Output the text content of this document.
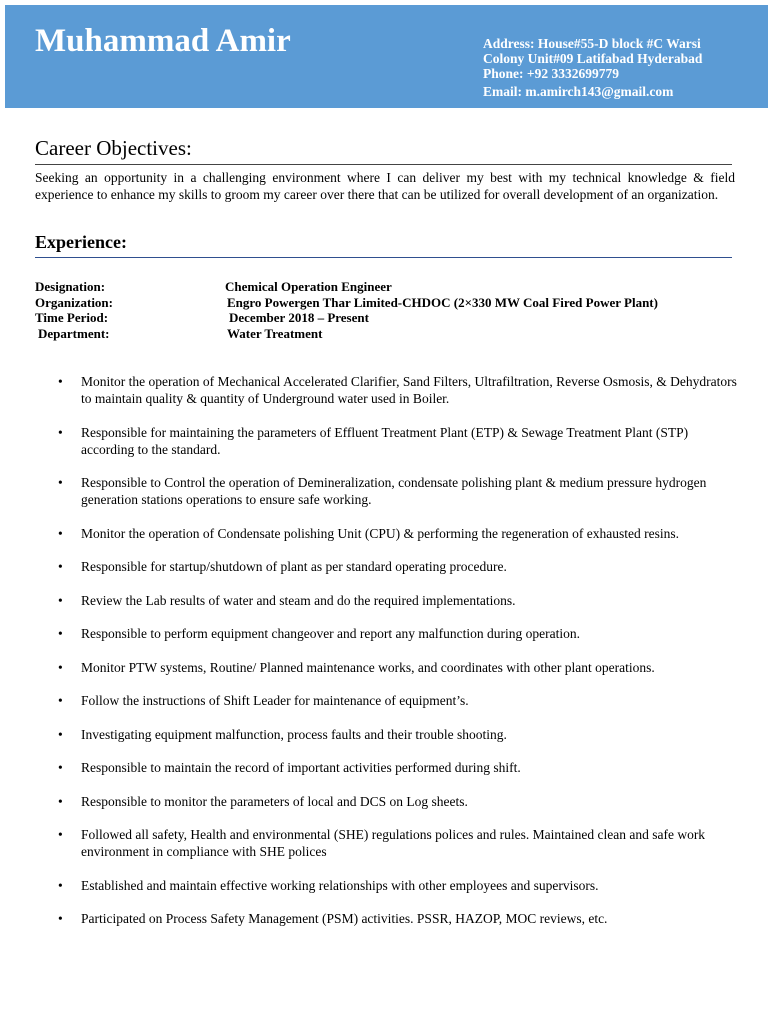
Muhammad Amir	Address: House#55-D block #C Warsi
Colony Unit#09 Latifabad Hyderabad
Phone: +92 3332699779
Email: m.amirch143@gmail.com
Career Objectives:
Seeking an opportunity in a challenging environment where I can deliver my best with my technical knowledge & field experience to enhance my skills to groom my career over there that can be utilized for overall development of an organization.
Experience:
Designation:	Chemical Operation Engineer
Organization:	Engro Powergen Thar Limited-CHDOC (2×330 MW Coal Fired Power Plant)
Time Period:	December 2018 – Present
Department:	Water Treatment
• Monitor the operation of Mechanical Accelerated Clarifier, Sand Filters, Ultrafiltration, Reverse Osmosis, & Dehydrators to maintain quality & quantity of Underground water used in Boiler.
• Responsible for maintaining the parameters of Effluent Treatment Plant (ETP) & Sewage Treatment Plant (STP) according to the standard.
• Responsible to Control the operation of Demineralization, condensate polishing plant & medium pressure hydrogen generation stations operations to ensure safe working.
• Monitor the operation of Condensate polishing Unit (CPU) & performing the regeneration of exhausted resins.
• Responsible for startup/shutdown of plant as per standard operating procedure.
• Review the Lab results of water and steam and do the required implementations.
• Responsible to perform equipment changeover and report any malfunction during operation.
• Monitor PTW systems, Routine/ Planned maintenance works, and coordinates with other plant operations.
• Follow the instructions of Shift Leader for maintenance of equipment’s.
• Investigating equipment malfunction, process faults and their trouble shooting.
• Responsible to maintain the record of important activities performed during shift.
• Responsible to monitor the parameters of local and DCS on Log sheets.
• Followed all safety, Health and environmental (SHE) regulations polices and rules. Maintained clean and safe work environment in compliance with SHE polices
• Established and maintain effective working relationships with other employees and supervisors.
• Participated on Process Safety Management (PSM) activities. PSSR, HAZOP, MOC reviews, etc.
